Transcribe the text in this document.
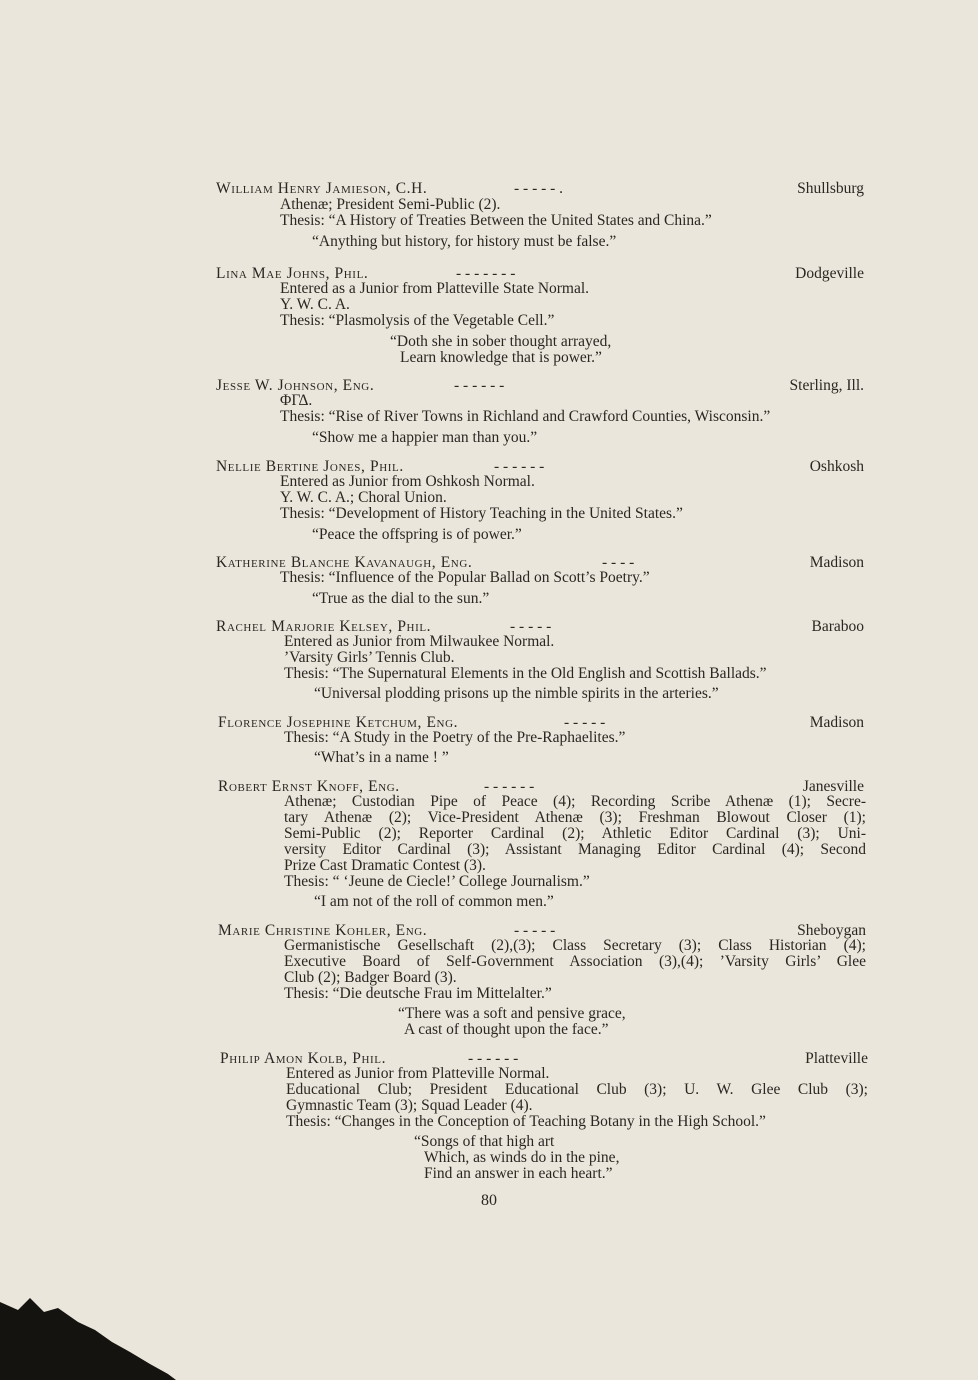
William Henry Jamieson, C.H.	- - - - - .	Shullsburg
Athenæ; President Semi-Public (2).
Thesis: “A History of Treaties Between the United States and China.”
“Anything but history, for history must be false.”
Lina Mae Johns, Phil.	- - - - - - -	Dodgeville
Entered as a Junior from Platteville State Normal.
Y. W. C. A.
Thesis: “Plasmolysis of the Vegetable Cell.”
“Doth she in sober thought arrayed,
Learn knowledge that is power.”
Jesse W. Johnson, Eng.	- - - - - -	Sterling, Ill.
ΦΓΔ.
Thesis: “Rise of River Towns in Richland and Crawford Counties, Wisconsin.”
“Show me a happier man than you.”
Nellie Bertine Jones, Phil.	- - - - - -	Oshkosh
Entered as Junior from Oshkosh Normal.
Y. W. C. A.; Choral Union.
Thesis: “Development of History Teaching in the United States.”
“Peace the offspring is of power.”
Katherine Blanche Kavanaugh, Eng.	- - - -	Madison
Thesis: “Influence of the Popular Ballad on Scott’s Poetry.”
“True as the dial to the sun.”
Rachel Marjorie Kelsey, Phil.	- - - - -	Baraboo
Entered as Junior from Milwaukee Normal.
’Varsity Girls’ Tennis Club.
Thesis: “The Supernatural Elements in the Old English and Scottish Ballads.”
“Universal plodding prisons up the nimble spirits in the arteries.”
Florence Josephine Ketchum, Eng.	- - - - -	Madison
Thesis: “A Study in the Poetry of the Pre-Raphaelites.”
“What’s in a name ! ”
Robert Ernst Knoff, Eng.	- - - - - -	Janesville
Athenæ; Custodian Pipe of Peace (4); Recording Scribe Athenæ (1); Secre-
tary Athenæ (2); Vice-President Athenæ (3); Freshman Blowout Closer (1);
Semi-Public (2); Reporter Cardinal (2); Athletic Editor Cardinal (3); Uni-
versity Editor Cardinal (3); Assistant Managing Editor Cardinal (4); Second
Prize Cast Dramatic Contest (3).
Thesis: “ ‘Jeune de Ciecle!’ College Journalism.”
“I am not of the roll of common men.”
Marie Christine Kohler, Eng.	- - - - -	Sheboygan
Germanistische Gesellschaft (2),(3); Class Secretary (3); Class Historian (4);
Executive Board of Self-Government Association (3),(4); ’Varsity Girls’ Glee
Club (2); Badger Board (3).
Thesis: “Die deutsche Frau im Mittelalter.”
“There was a soft and pensive grace,
A cast of thought upon the face.”
Philip Amon Kolb, Phil.	- - - - - -	Platteville
Entered as Junior from Platteville Normal.
Educational Club; President Educational Club (3); U. W. Glee Club (3);
Gymnastic Team (3); Squad Leader (4).
Thesis: “Changes in the Conception of Teaching Botany in the High School.”
“Songs of that high art
Which, as winds do in the pine,
Find an answer in each heart.”
80
